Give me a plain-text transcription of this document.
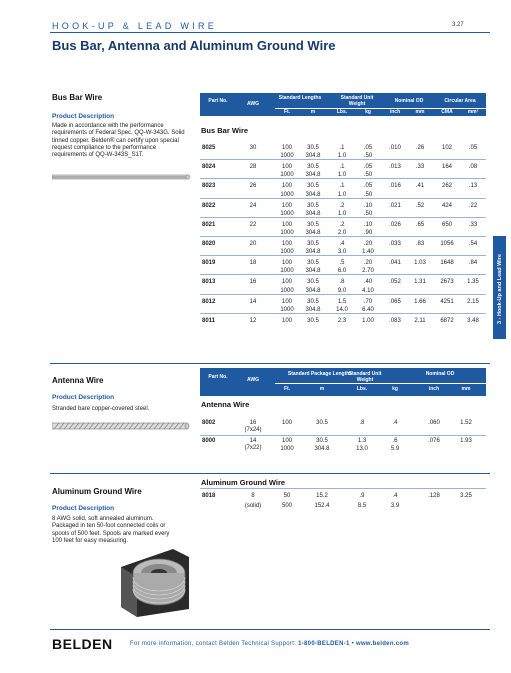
HOOK-UP & LEAD WIRE	3.27
Bus Bar, Antenna and Aluminum Ground Wire
3 - Hook-Up and Lead Wire
Bus Bar Wire
Product Description
Made in accordance with the performance requirements of Federal Spec. QQ-W-343G. Solid tinned copper. Belden® can certify upon special request compliance to the performance requirements of QQ-W-343S_S1T.
Part No.	AWG
Standard Lengths	Standard Unit Weight	Nominal OD	Circular Area
Ft.	m	Lbs.	kg	inch	mm	CMA	mm²
Bus Bar Wire
8025	30	100	30.5	.1	.05	.010	.26	102	.05
1000	304.8	1.0	.50
8024	28	100	30.5	.1	.05	.013	.33	164	.08
1000	304.8	1.0	.50
8023	26	100	30.5	.1	.05	.016	.41	262	.13
1000	304.8	1.0	.50
8022	24	100	30.5	.2	.10	.021	.52	424	.22
1000	304.8	1.0	.50
8021	22	100	30.5	.2	.10	.026	.65	650	.33
1000	304.8	2.0	.90
8020	20	100	30.5	.4	.20	.033	.83	1056	.54
1000	304.8	3.0	1.40
8019	18	100	30.5	.5	.20	.041	1.03	1648	.84
1000	304.8	6.0	2.70
8013	16	100	30.5	.8	.40	.052	1.31	2673	1.35
1000	304.8	9.0	4.10
8012	14	100	30.5	1.5	.70	.065	1.66	4251	2.15
1000	304.8	14.0	6.40
8011	12	100	30.5	2.3	1.00	.083	2.11	6872	3.48
Antenna Wire
Product Description
Stranded bare copper-covered steel.
Part No.	AWG
Standard Package Lengths
Standard Unit Weight
Nominal OD
Ft.	m	Lbs.	kg	inch	mm
Antenna Wire
8002	16	100	30.5	.8	.4	.060	1.52
(7x24)
8000	14	100	30.5	1.3	.6	.076	1.93
(7x22)	1000	304.8	13.0	5.9
Aluminum Ground Wire
Product Description
8 AWG solid, soft annealed aluminum. Packaged in ten 50-foot connected coils or spools of 500 feet. Spools are marked every 100 feet for easy measuring.
Aluminum Ground Wire
8018	8	50	15.2	.9	.4	.128	3.25
(solid)	500	152.4	8.5	3.9
BELDEN	For more information, contact Belden Technical Support: 1-800-BELDEN-1 • www.belden.com
